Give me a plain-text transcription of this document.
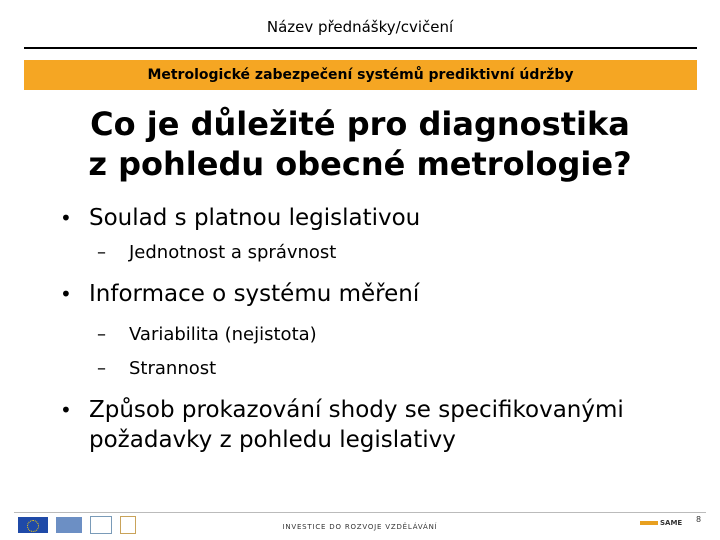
Název přednášky/cvičení
Metrologické zabezpečení systémů prediktivní údržby
Co je důležité pro diagnostika
z pohledu obecné metrologie?
• Soulad s platnou legislativou
– Jednotnost a správnost
• Informace o systému měření
– Variabilita (nejistota)
– Strannost
• Způsob prokazování shody se specifikovanými
požadavky z pohledu legislativy
INVESTICE DO ROZVOJE VZDĚLÁVÁNÍ	SAME 8
